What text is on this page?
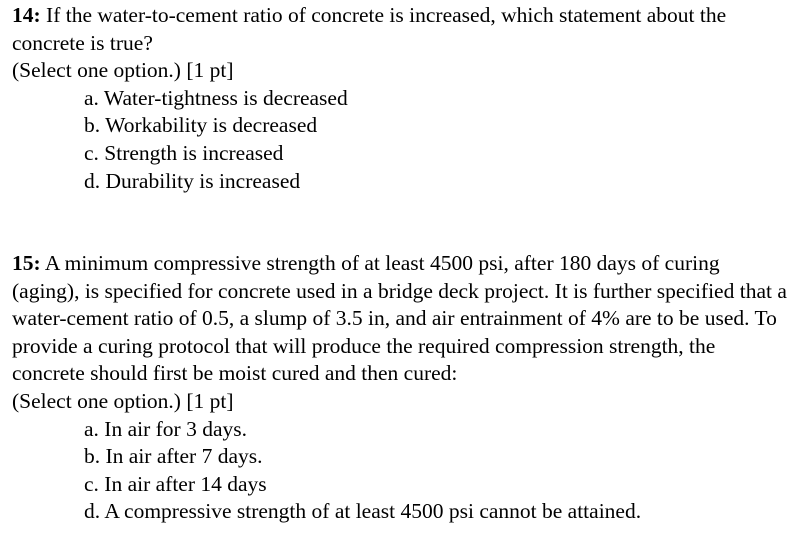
14: If the water-to-cement ratio of concrete is increased, which statement about the concrete is true?

(Select one option.) [1 pt]

a. Water-tightness is decreased
b. Workability is decreased
c. Strength is increased
d. Durability is increased

15: A minimum compressive strength of at least 4500 psi, after 180 days of curing (aging), is specified for concrete used in a bridge deck project. It is further specified that a water-cement ratio of 0.5, a slump of 3.5 in, and air entrainment of 4% are to be used. To provide a curing protocol that will produce the required compression strength, the concrete should first be moist cured and then cured:

(Select one option.) [1 pt]

a. In air for 3 days.
b. In air after 7 days.
c. In air after 14 days
d. A compressive strength of at least 4500 psi cannot be attained.
